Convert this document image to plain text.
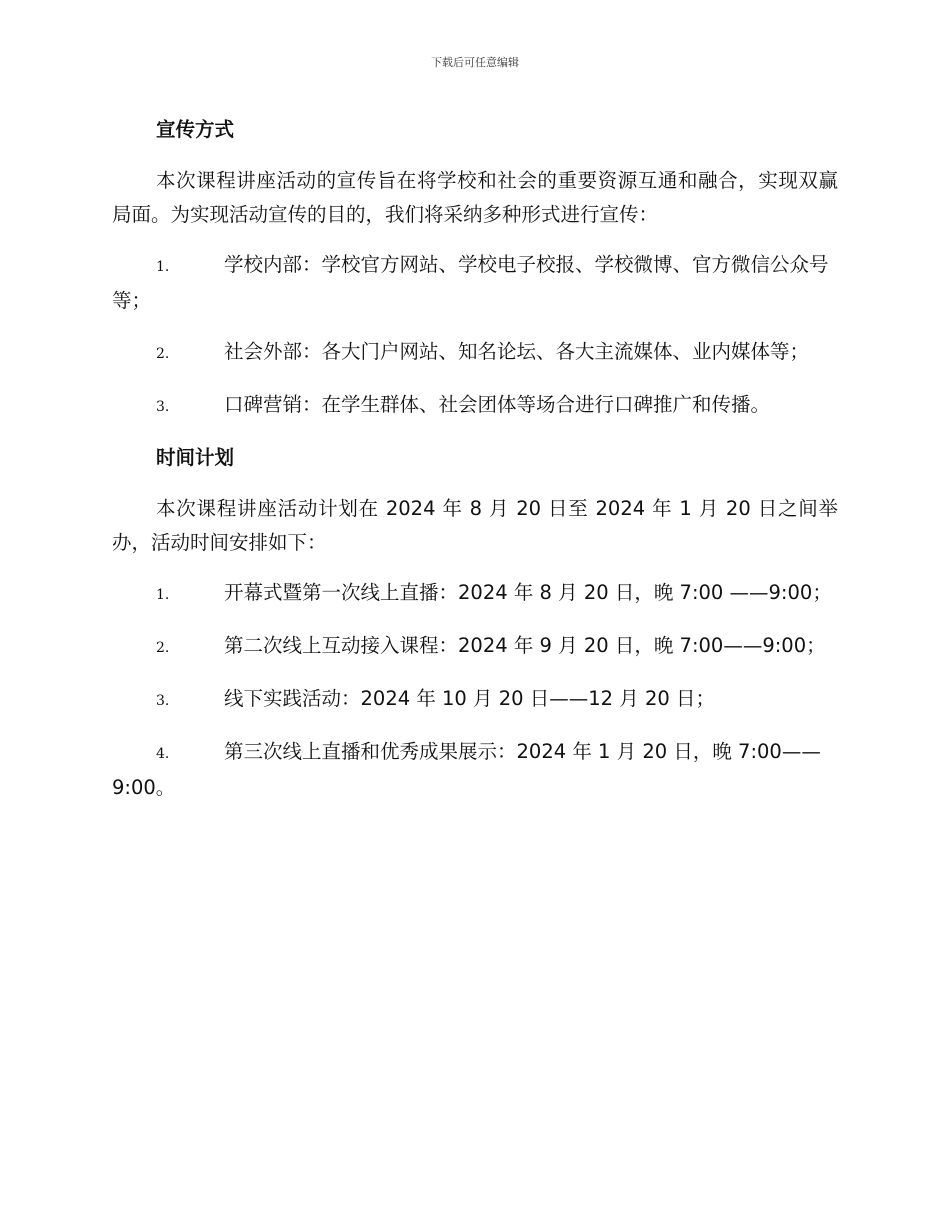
下载后可任意编辑
宣传方式
本次课程讲座活动的宣传旨在将学校和社会的重要资源互通和融合，实现双赢局面。为实现活动宣传的目的，我们将采纳多种形式进行宣传：
1.	学校内部：学校官方网站、学校电子校报、学校微博、官方微信公众号等；
2.	社会外部：各大门户网站、知名论坛、各大主流媒体、业内媒体等；
3.	口碑营销：在学生群体、社会团体等场合进行口碑推广和传播。
时间计划
本次课程讲座活动计划在 2024 年 8 月 20 日至 2024 年 1 月 20 日之间举办，活动时间安排如下：
1.	开幕式暨第一次线上直播：2024 年 8 月 20 日，晚 7:00 ——9:00；
2.	第二次线上互动接入课程：2024 年 9 月 20 日，晚 7:00——9:00；
3.	线下实践活动：2024 年 10 月 20 日——12 月 20 日；
4.	第三次线上直播和优秀成果展示：2024 年 1 月 20 日，晚 7:00——9:00。
